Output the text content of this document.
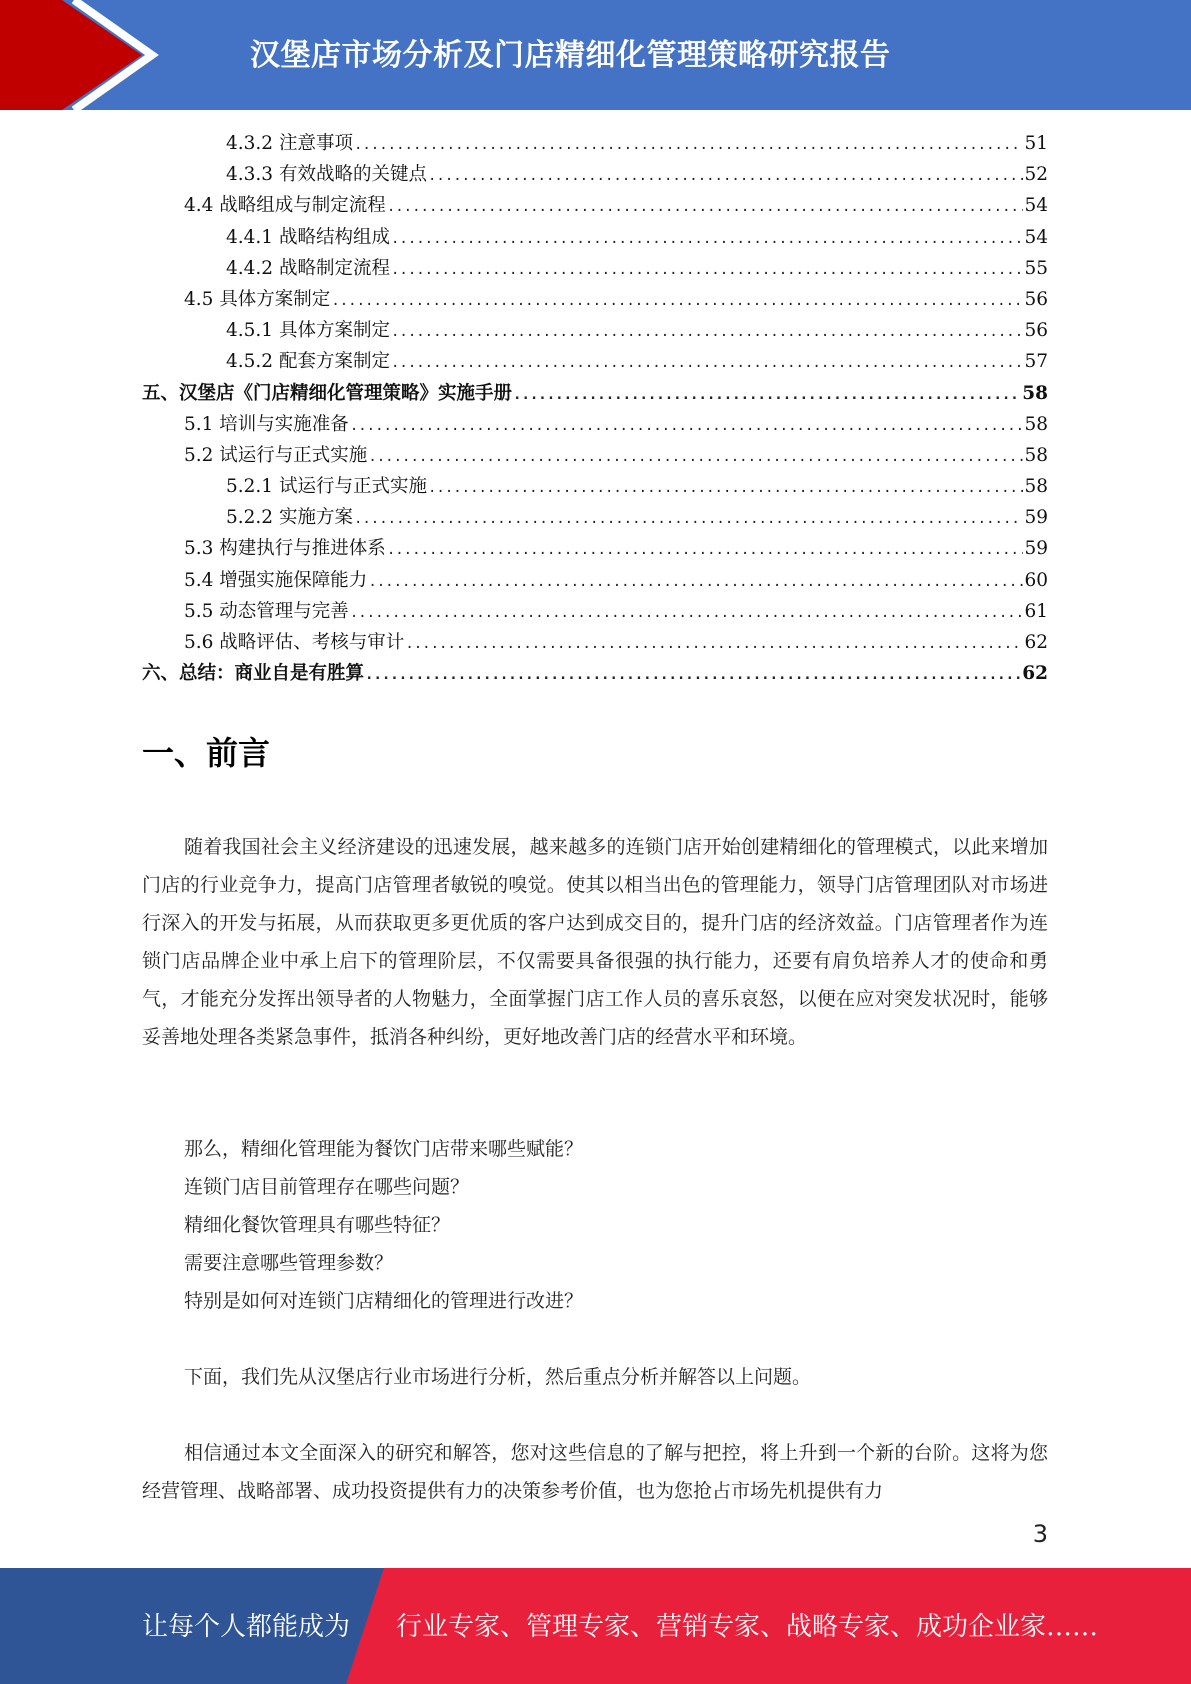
汉堡店市场分析及门店精细化管理策略研究报告
4.3.2 注意事项 .....	51
4.3.3 有效战略的关键点 .....	52
4.4 战略组成与制定流程 .....	54
4.4.1 战略结构组成 .....	54
4.4.2 战略制定流程 .....	55
4.5 具体方案制定 .....	56
4.5.1 具体方案制定 .....	56
4.5.2 配套方案制定 .....	57
五、汉堡店《门店精细化管理策略》实施手册 .....	58
5.1 培训与实施准备 .....	58
5.2 试运行与正式实施 .....	58
5.2.1 试运行与正式实施 .....	58
5.2.2 实施方案 .....	59
5.3 构建执行与推进体系 .....	59
5.4 增强实施保障能力 .....	60
5.5 动态管理与完善 .....	61
5.6 战略评估、考核与审计 .....	62
六、总结：商业自是有胜算 .....	62
一、前言

随着我国社会主义经济建设的迅速发展，越来越多的连锁门店开始创建精细化的管理模式，以此来增加门店的行业竞争力，提高门店管理者敏锐的嗅觉。使其以相当出色的管理能力，领导门店管理团队对市场进行深入的开发与拓展，从而获取更多更优质的客户达到成交目的，提升门店的经济效益。门店管理者作为连锁门店品牌企业中承上启下的管理阶层，不仅需要具备很强的执行能力，还要有肩负培养人才的使命和勇气，才能充分发挥出领导者的人物魅力，全面掌握门店工作人员的喜乐哀怒，以便在应对突发状况时，能够妥善地处理各类紧急事件，抵消各种纠纷，更好地改善门店的经营水平和环境。

那么，精细化管理能为餐饮门店带来哪些赋能？
连锁门店目前管理存在哪些问题？
精细化餐饮管理具有哪些特征？
需要注意哪些管理参数？
特别是如何对连锁门店精细化的管理进行改进？

下面，我们先从汉堡店行业市场进行分析，然后重点分析并解答以上问题。

相信通过本文全面深入的研究和解答，您对这些信息的了解与把控，将上升到一个新的台阶。这将为您经营管理、战略部署、成功投资提供有力的决策参考价值，也为您抢占市场先机提供有力

3
让每个人都能成为 行业专家、管理专家、营销专家、战略专家、成功企业家……
